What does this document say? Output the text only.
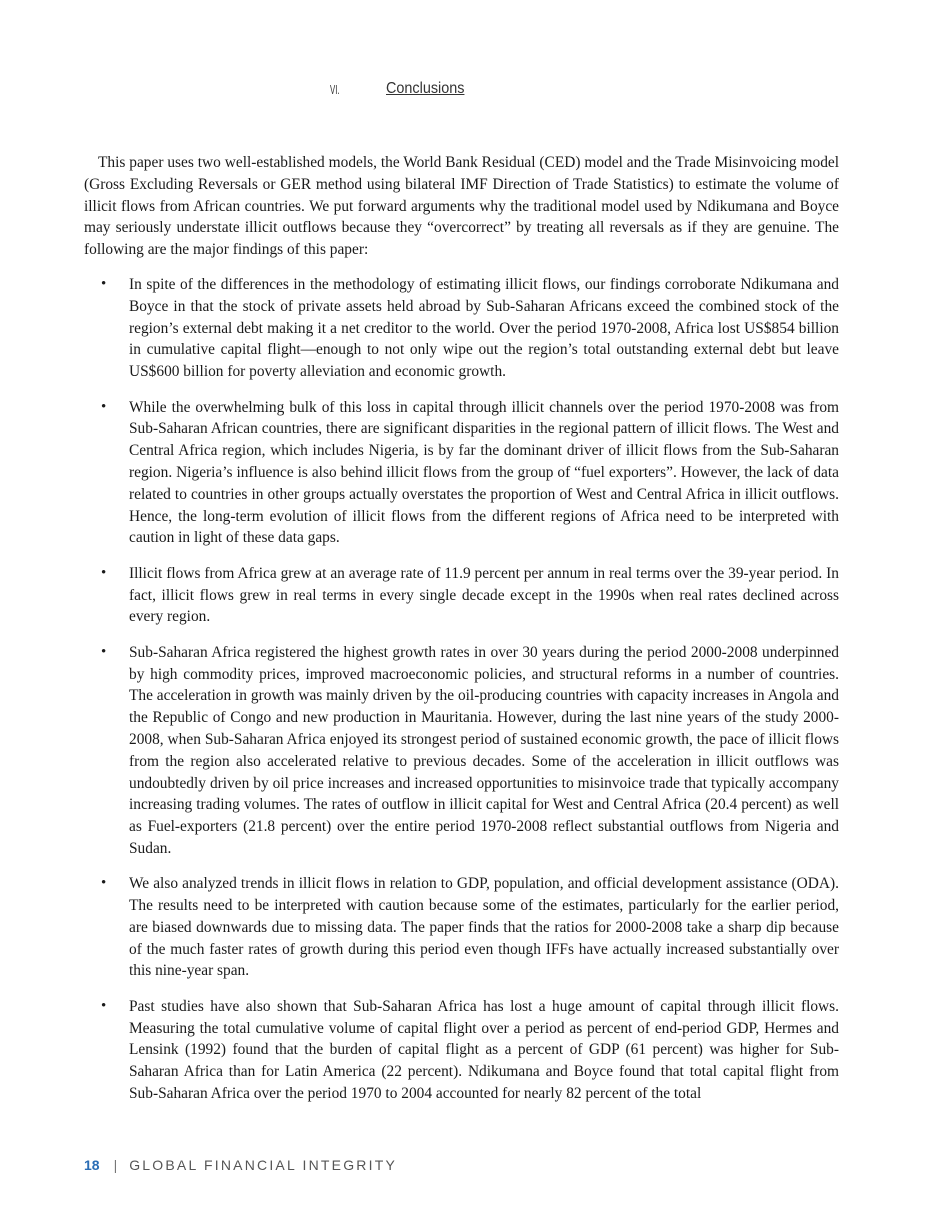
VI.	Conclusions

This paper uses two well-established models, the World Bank Residual (CED) model and the Trade Misinvoicing model (Gross Excluding Reversals or GER method using bilateral IMF Direction of Trade Statistics) to estimate the volume of illicit flows from African countries. We put forward arguments why the traditional model used by Ndikumana and Boyce may seriously understate illicit outflows because they “overcorrect” by treating all reversals as if they are genuine. The following are the major findings of this paper:

• In spite of the differences in the methodology of estimating illicit flows, our findings corroborate Ndikumana and Boyce in that the stock of private assets held abroad by Sub-Saharan Africans exceed the combined stock of the region’s external debt making it a net creditor to the world. Over the period 1970-2008, Africa lost US$854 billion in cumulative capital flight—enough to not only wipe out the region’s total outstanding external debt but leave US$600 billion for poverty alleviation and economic growth.
• While the overwhelming bulk of this loss in capital through illicit channels over the period 1970-2008 was from Sub-Saharan African countries, there are significant disparities in the regional pattern of illicit flows. The West and Central Africa region, which includes Nigeria, is by far the dominant driver of illicit flows from the Sub-Saharan region. Nigeria’s influence is also behind illicit flows from the group of “fuel exporters”. However, the lack of data related to countries in other groups actually overstates the proportion of West and Central Africa in illicit outflows. Hence, the long-term evolution of illicit flows from the different regions of Africa need to be interpreted with caution in light of these data gaps.
• Illicit flows from Africa grew at an average rate of 11.9 percent per annum in real terms over the 39-year period. In fact, illicit flows grew in real terms in every single decade except in the 1990s when real rates declined across every region.
• Sub-Saharan Africa registered the highest growth rates in over 30 years during the period 2000-2008 underpinned by high commodity prices, improved macroeconomic policies, and structural reforms in a number of countries. The acceleration in growth was mainly driven by the oil-producing countries with capacity increases in Angola and the Republic of Congo and new production in Mauritania. However, during the last nine years of the study 2000-2008, when Sub-Saharan Africa enjoyed its strongest period of sustained economic growth, the pace of illicit flows from the region also accelerated relative to previous decades. Some of the acceleration in illicit outflows was undoubtedly driven by oil price increases and increased opportunities to misinvoice trade that typically accompany increasing trading volumes. The rates of outflow in illicit capital for West and Central Africa (20.4 percent) as well as Fuel-exporters (21.8 percent) over the entire period 1970-2008 reflect substantial outflows from Nigeria and Sudan.
• We also analyzed trends in illicit flows in relation to GDP, population, and official development assistance (ODA). The results need to be interpreted with caution because some of the estimates, particularly for the earlier period, are biased downwards due to missing data. The paper finds that the ratios for 2000-2008 take a sharp dip because of the much faster rates of growth during this period even though IFFs have actually increased substantially over this nine-year span.
• Past studies have also shown that Sub-Saharan Africa has lost a huge amount of capital through illicit flows. Measuring the total cumulative volume of capital flight over a period as percent of end-period GDP, Hermes and Lensink (1992) found that the burden of capital flight as a percent of GDP (61 percent) was higher for Sub-Saharan Africa than for Latin America (22 percent). Ndikumana and Boyce found that total capital flight from Sub-Saharan Africa over the period 1970 to 2004 accounted for nearly 82 percent of the total
18 | GLOBAL FINANCIAL INTEGRITY
